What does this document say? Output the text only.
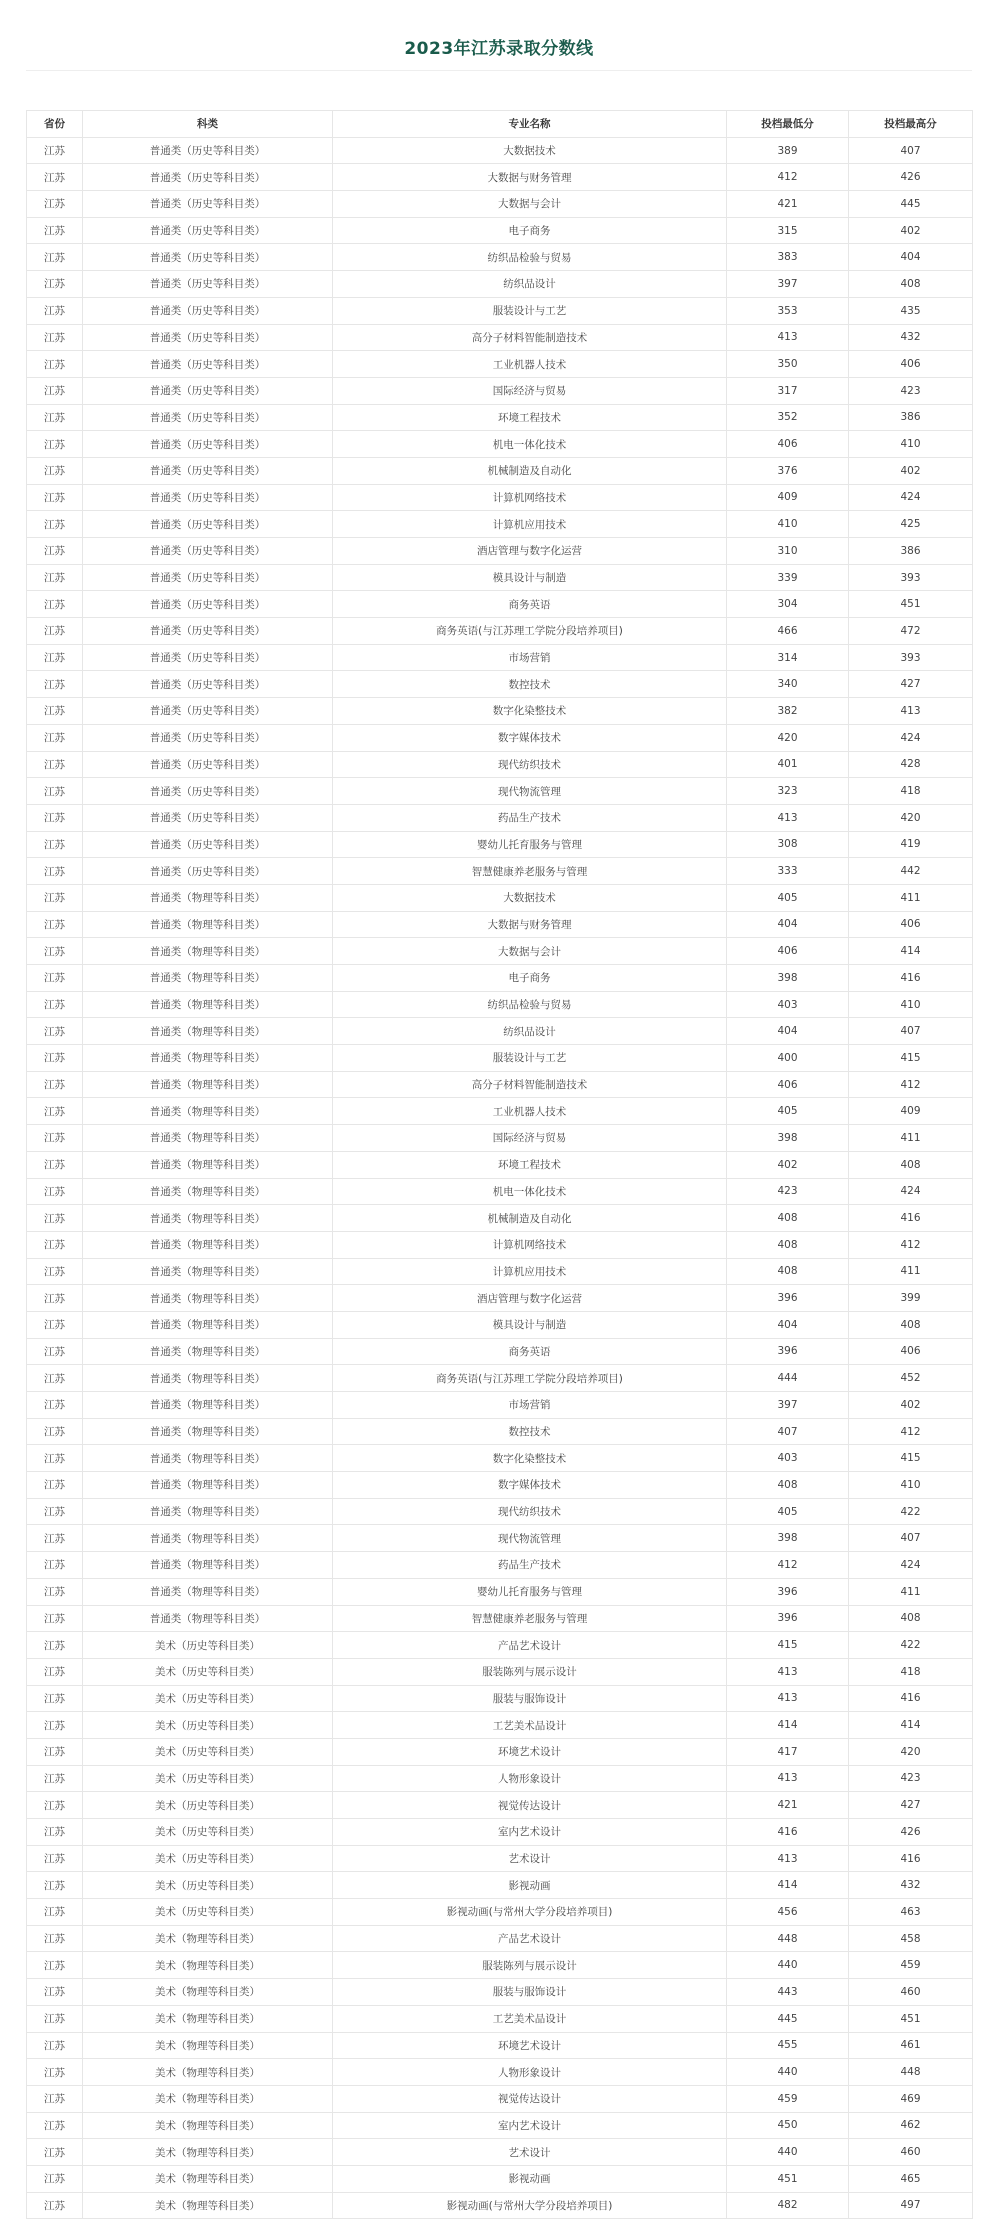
2023年江苏录取分数线
省份	科类	专业名称	投档最低分	投档最高分
江苏	普通类（历史等科目类）	大数据技术	389	407
江苏	普通类（历史等科目类）	大数据与财务管理	412	426
江苏	普通类（历史等科目类）	大数据与会计	421	445
江苏	普通类（历史等科目类）	电子商务	315	402
江苏	普通类（历史等科目类）	纺织品检验与贸易	383	404
江苏	普通类（历史等科目类）	纺织品设计	397	408
江苏	普通类（历史等科目类）	服装设计与工艺	353	435
江苏	普通类（历史等科目类）	高分子材料智能制造技术	413	432
江苏	普通类（历史等科目类）	工业机器人技术	350	406
江苏	普通类（历史等科目类）	国际经济与贸易	317	423
江苏	普通类（历史等科目类）	环境工程技术	352	386
江苏	普通类（历史等科目类）	机电一体化技术	406	410
江苏	普通类（历史等科目类）	机械制造及自动化	376	402
江苏	普通类（历史等科目类）	计算机网络技术	409	424
江苏	普通类（历史等科目类）	计算机应用技术	410	425
江苏	普通类（历史等科目类）	酒店管理与数字化运营	310	386
江苏	普通类（历史等科目类）	模具设计与制造	339	393
江苏	普通类（历史等科目类）	商务英语	304	451
江苏	普通类（历史等科目类）	商务英语(与江苏理工学院分段培养项目)	466	472
江苏	普通类（历史等科目类）	市场营销	314	393
江苏	普通类（历史等科目类）	数控技术	340	427
江苏	普通类（历史等科目类）	数字化染整技术	382	413
江苏	普通类（历史等科目类）	数字媒体技术	420	424
江苏	普通类（历史等科目类）	现代纺织技术	401	428
江苏	普通类（历史等科目类）	现代物流管理	323	418
江苏	普通类（历史等科目类）	药品生产技术	413	420
江苏	普通类（历史等科目类）	婴幼儿托育服务与管理	308	419
江苏	普通类（历史等科目类）	智慧健康养老服务与管理	333	442
江苏	普通类（物理等科目类）	大数据技术	405	411
江苏	普通类（物理等科目类）	大数据与财务管理	404	406
江苏	普通类（物理等科目类）	大数据与会计	406	414
江苏	普通类（物理等科目类）	电子商务	398	416
江苏	普通类（物理等科目类）	纺织品检验与贸易	403	410
江苏	普通类（物理等科目类）	纺织品设计	404	407
江苏	普通类（物理等科目类）	服装设计与工艺	400	415
江苏	普通类（物理等科目类）	高分子材料智能制造技术	406	412
江苏	普通类（物理等科目类）	工业机器人技术	405	409
江苏	普通类（物理等科目类）	国际经济与贸易	398	411
江苏	普通类（物理等科目类）	环境工程技术	402	408
江苏	普通类（物理等科目类）	机电一体化技术	423	424
江苏	普通类（物理等科目类）	机械制造及自动化	408	416
江苏	普通类（物理等科目类）	计算机网络技术	408	412
江苏	普通类（物理等科目类）	计算机应用技术	408	411
江苏	普通类（物理等科目类）	酒店管理与数字化运营	396	399
江苏	普通类（物理等科目类）	模具设计与制造	404	408
江苏	普通类（物理等科目类）	商务英语	396	406
江苏	普通类（物理等科目类）	商务英语(与江苏理工学院分段培养项目)	444	452
江苏	普通类（物理等科目类）	市场营销	397	402
江苏	普通类（物理等科目类）	数控技术	407	412
江苏	普通类（物理等科目类）	数字化染整技术	403	415
江苏	普通类（物理等科目类）	数字媒体技术	408	410
江苏	普通类（物理等科目类）	现代纺织技术	405	422
江苏	普通类（物理等科目类）	现代物流管理	398	407
江苏	普通类（物理等科目类）	药品生产技术	412	424
江苏	普通类（物理等科目类）	婴幼儿托育服务与管理	396	411
江苏	普通类（物理等科目类）	智慧健康养老服务与管理	396	408
江苏	美术（历史等科目类）	产品艺术设计	415	422
江苏	美术（历史等科目类）	服装陈列与展示设计	413	418
江苏	美术（历史等科目类）	服装与服饰设计	413	416
江苏	美术（历史等科目类）	工艺美术品设计	414	414
江苏	美术（历史等科目类）	环境艺术设计	417	420
江苏	美术（历史等科目类）	人物形象设计	413	423
江苏	美术（历史等科目类）	视觉传达设计	421	427
江苏	美术（历史等科目类）	室内艺术设计	416	426
江苏	美术（历史等科目类）	艺术设计	413	416
江苏	美术（历史等科目类）	影视动画	414	432
江苏	美术（历史等科目类）	影视动画(与常州大学分段培养项目)	456	463
江苏	美术（物理等科目类）	产品艺术设计	448	458
江苏	美术（物理等科目类）	服装陈列与展示设计	440	459
江苏	美术（物理等科目类）	服装与服饰设计	443	460
江苏	美术（物理等科目类）	工艺美术品设计	445	451
江苏	美术（物理等科目类）	环境艺术设计	455	461
江苏	美术（物理等科目类）	人物形象设计	440	448
江苏	美术（物理等科目类）	视觉传达设计	459	469
江苏	美术（物理等科目类）	室内艺术设计	450	462
江苏	美术（物理等科目类）	艺术设计	440	460
江苏	美术（物理等科目类）	影视动画	451	465
江苏	美术（物理等科目类）	影视动画(与常州大学分段培养项目)	482	497
